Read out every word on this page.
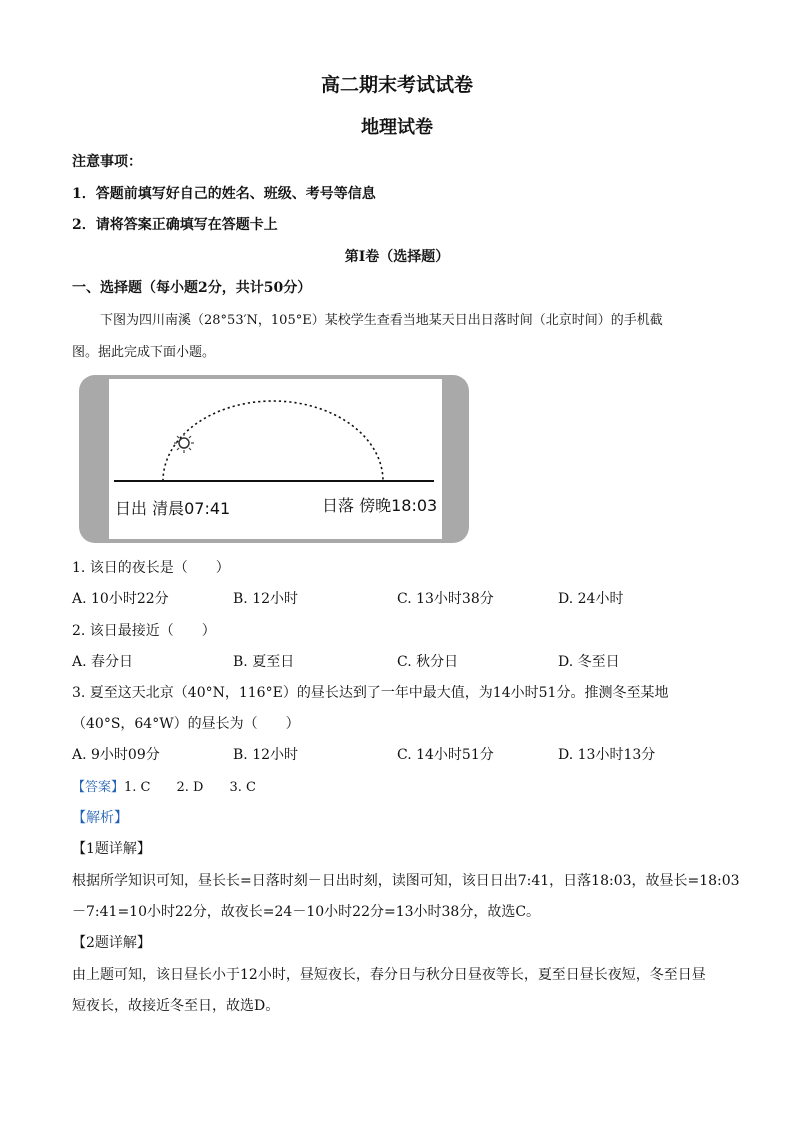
高二期末考试试卷
地理试卷
注意事项：
1．答题前填写好自己的姓名、班级、考号等信息
2．请将答案正确填写在答题卡上
第Ⅰ卷（选择题）
一、选择题（每小题2分，共计50分）
下图为四川南溪（28°53′N，105°E）某校学生查看当地某天日出日落时间（北京时间）的手机截
图。据此完成下面小题。
日出 清晨07:41	日落 傍晚18:03
1. 该日的夜长是（　　）
A. 10小时22分	B. 12小时	C. 13小时38分	D. 24小时
2. 该日最接近（　　）
A. 春分日	B. 夏至日	C. 秋分日	D. 冬至日
3. 夏至这天北京（40°N，116°E）的昼长达到了一年中最大值，为14小时51分。推测冬至某地
（40°S，64°W）的昼长为（　　）
A. 9小时09分	B. 12小时	C. 14小时51分	D. 13小时13分
【答案】1. C　　2. D　　3. C
【解析】
【1题详解】
根据所学知识可知，昼长长=日落时刻－日出时刻，读图可知，该日日出7:41，日落18:03，故昼长=18:03
－7:41=10小时22分，故夜长=24－10小时22分=13小时38分，故选C。
【2题详解】
由上题可知，该日昼长小于12小时，昼短夜长，春分日与秋分日昼夜等长，夏至日昼长夜短，冬至日昼
短夜长，故接近冬至日，故选D。
